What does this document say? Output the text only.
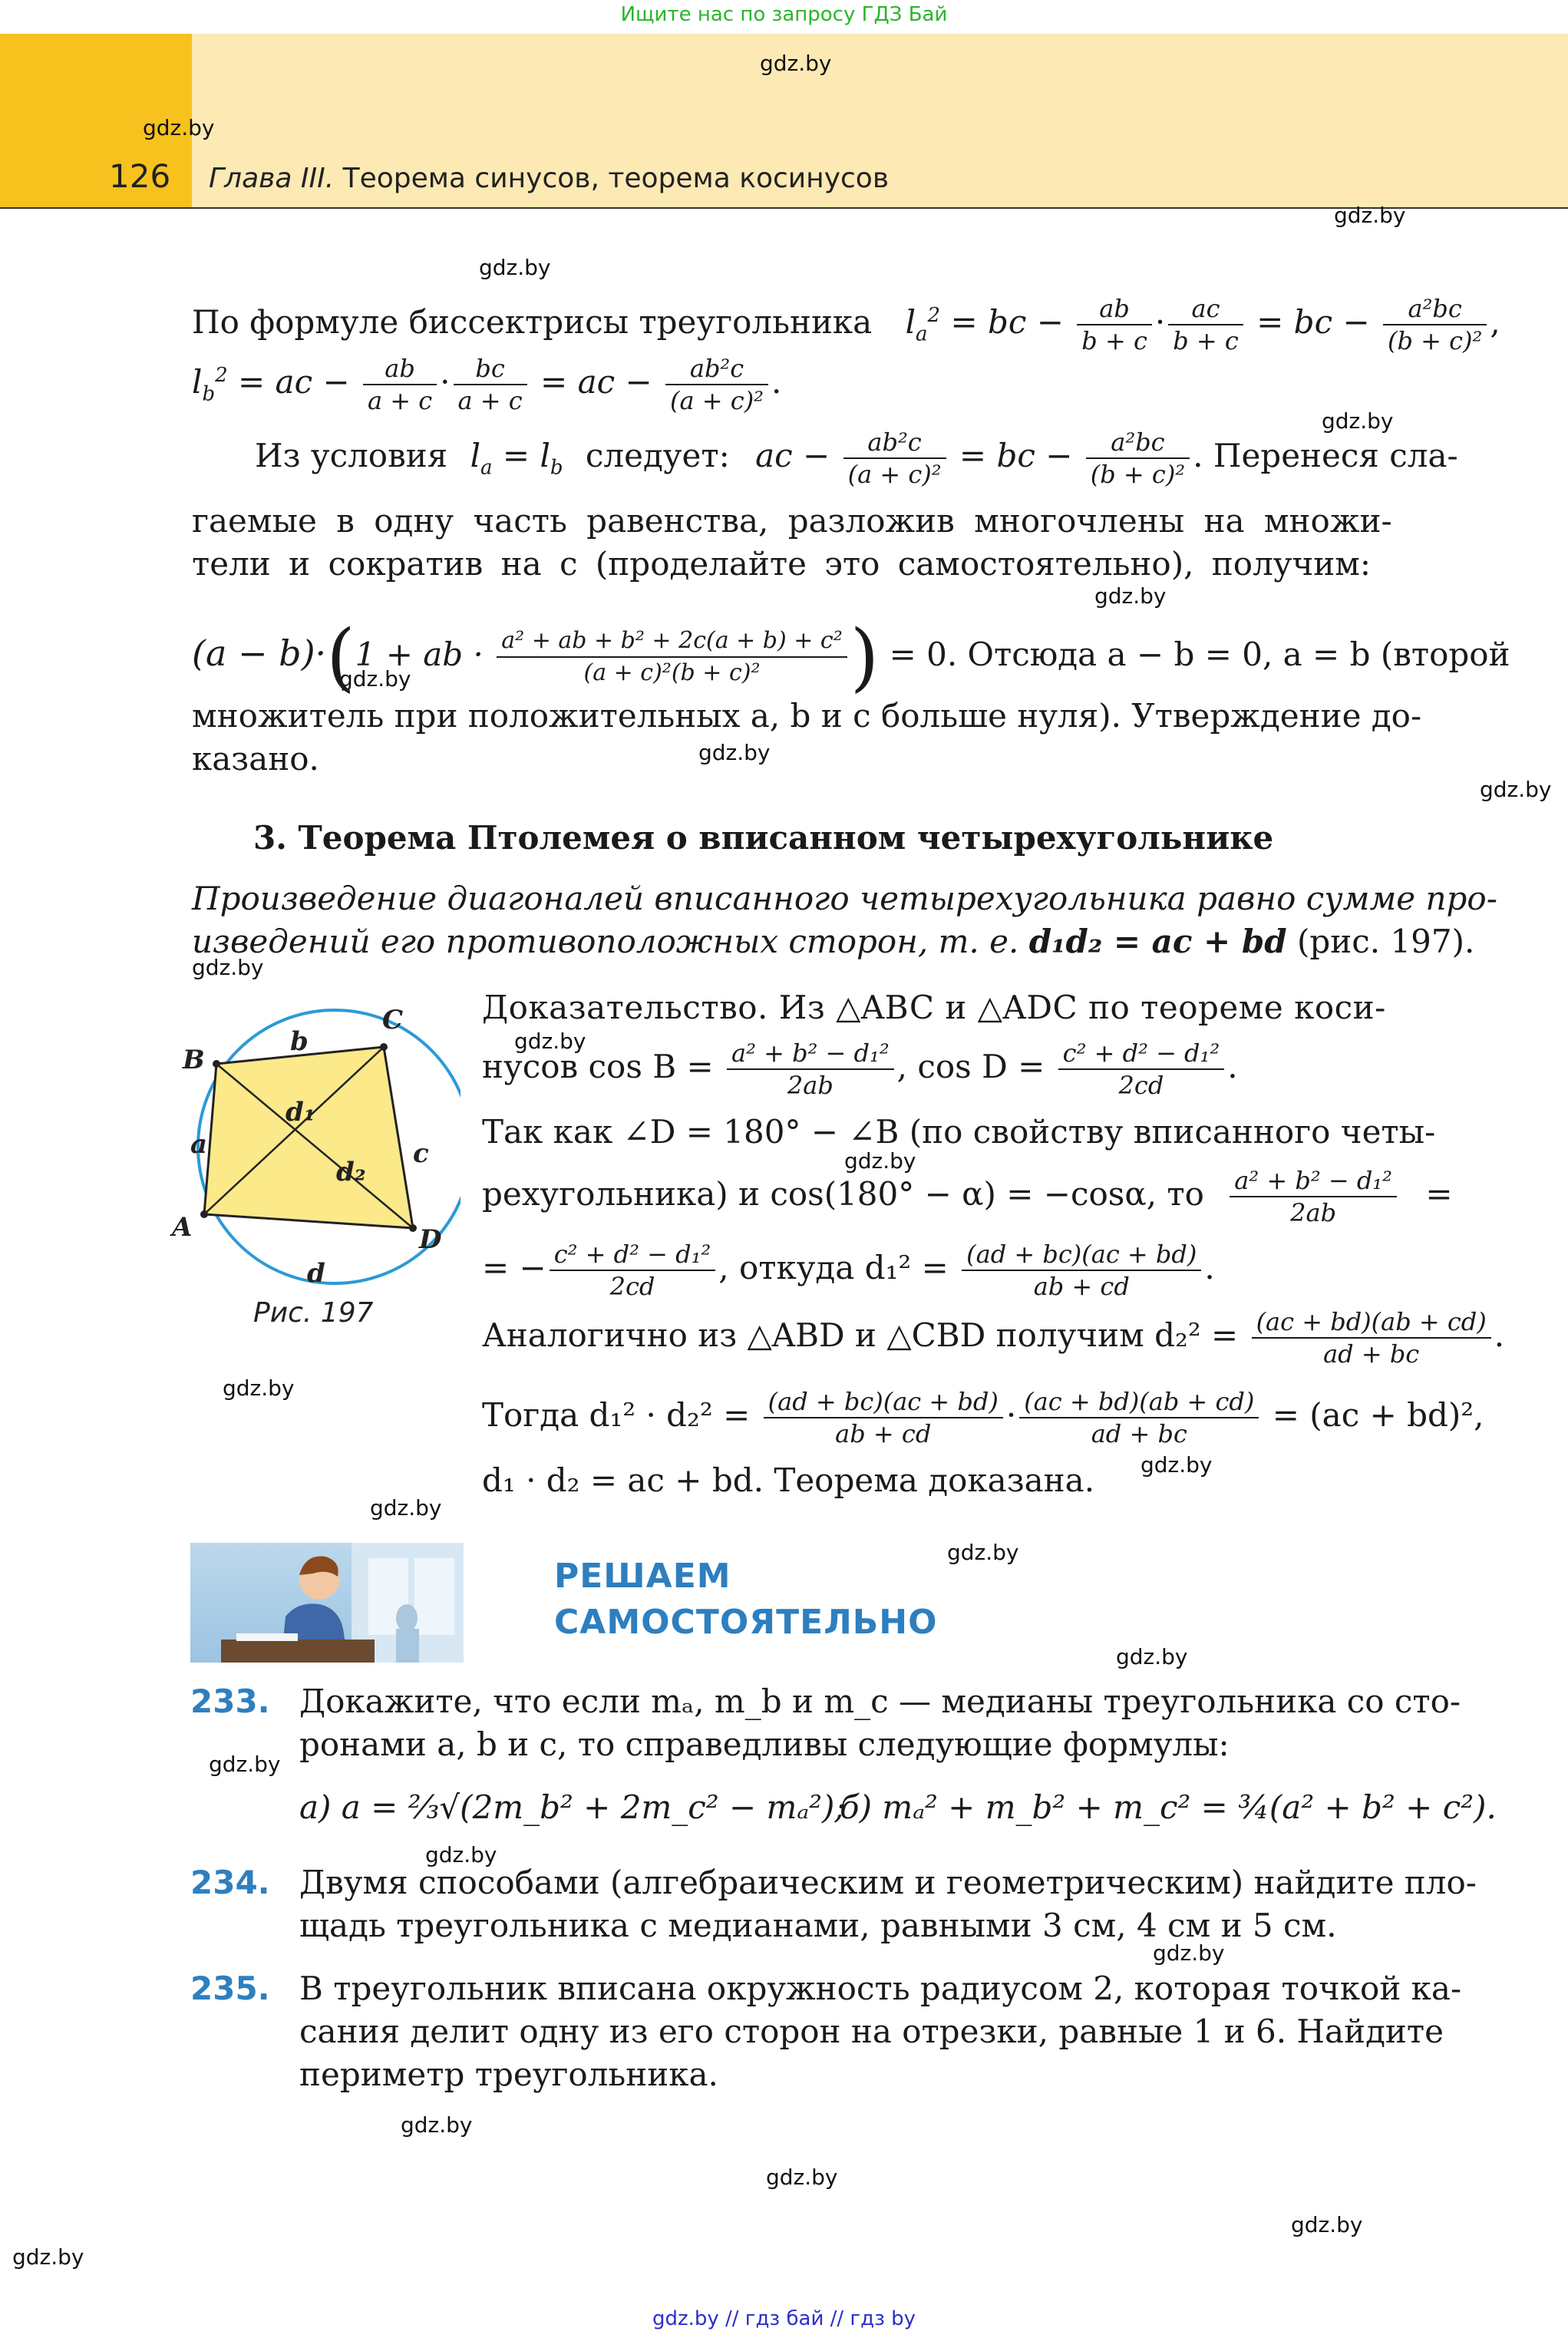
Ищите нас по запросу ГДЗ Бай
126 Глава III. Теорема синусов, теорема косинусов
gdz.by
gdz.by
gdz.by
gdz.by
gdz.by
gdz.by
gdz.by
gdz.by
gdz.by
gdz.by
gdz.by
gdz.by
gdz.by
gdz.by
gdz.by
gdz.by
gdz.by
gdz.by
gdz.by
gdz.by
gdz.by
gdz.by
gdz.by
gdz.by
По формуле биссектрисы треугольника $l_a^2$ = bc − $\frac{ab}{b + c} \cdot \frac{ac}{b + c}$ = bc − $\frac{\text{a²bc}}{\text{(b + c)²}}$ ,
$l_b^2$ = ac − $\frac{ab}{a + c} \cdot \frac{bc}{a + c}$ = ac − $\frac{\text{ab²c}}{\text{(a + c)²}}$ .
Из условия $l_a = l_b$ следует: ac − $\frac{\text{ab²c}}{\text{(a + c)²}}$ = bc − $\frac{\text{a²bc}}{\text{(b + c)²}}$ . Перенеся сла-
гаемые в одну часть равенства, разложив многочлены на множи-
тели и сократив на c (проделайте это самостоятельно), получим:
(a − b)·(1 + ab · $\frac{\text{a² + ab + b² + 2c(a + b) + c²}}{\text{(a + c)²(b + c)²}}$ ) = 0. Отсюда a − b = 0, a = b (второй
множитель при положительных a, b и c больше нуля). Утверждение до-
казано.
3. Теорема Птолемея о вписанном четырехугольнике
Произведение диагоналей вписанного четырехугольника равно сумме про-
изведений его противоположных сторон, т. е. d₁d₂ = ac + bd (рис. 197).
B
C
D
A
b
a	c
d
d₁
d₂
Рис. 197
Доказательство. Из △ABC и △ADC по теореме коси-
нусов $\cos B = \frac{\text{a² + b² − d₁²}}{2ab}$ , $\cos D = \frac{\text{c² + d² − d₁²}}{2cd}$ .
Так как ∠D = 180° − ∠B (по свойству вписанного четы-
рехугольника) и cos(180° − α) = −cosα, то $\frac{\text{a² + b² − d₁²}}{2ab}$ =
= − $\frac{\text{c² + d² − d₁²}}{2cd}$ , откуда $d_1^2 = \frac{(ad + bc)(ac + bd)}{ab + cd}$ .
Аналогично из △ABD и △CBD получим $d_2^2 = \frac{(ac + bd)(ab + cd)}{ad + bc}$ .
Тогда $d_1^2 \cdot d_2^2 = \frac{(ad + bc)(ac + bd)}{ab + cd} \cdot \frac{(ac + bd)(ab + cd)}{ad + bc} = (ac + bd)^2$,
d₁ · d₂ = ac + bd. Теорема доказана.
РЕШАЕМ
САМОСТОЯТЕЛЬНО
233. Докажите, что если mₐ, m_b и m_c — медианы треугольника со сто-
ронами a, b и c, то справедливы следующие формулы:
а) a = ⅔√(2m_b² + 2m_c² − mₐ²);
б) mₐ² + m_b² + m_c² = ¾(a² + b² + c²).
234. Двумя способами (алгебраическим и геометрическим) найдите пло-
щадь треугольника с медианами, равными 3 см, 4 см и 5 см.
235. В треугольник вписана окружность радиусом 2, которая точкой ка-
сания делит одну из его сторон на отрезки, равные 1 и 6. Найдите
периметр треугольника.
gdz.by // гдз бай // гдз by
